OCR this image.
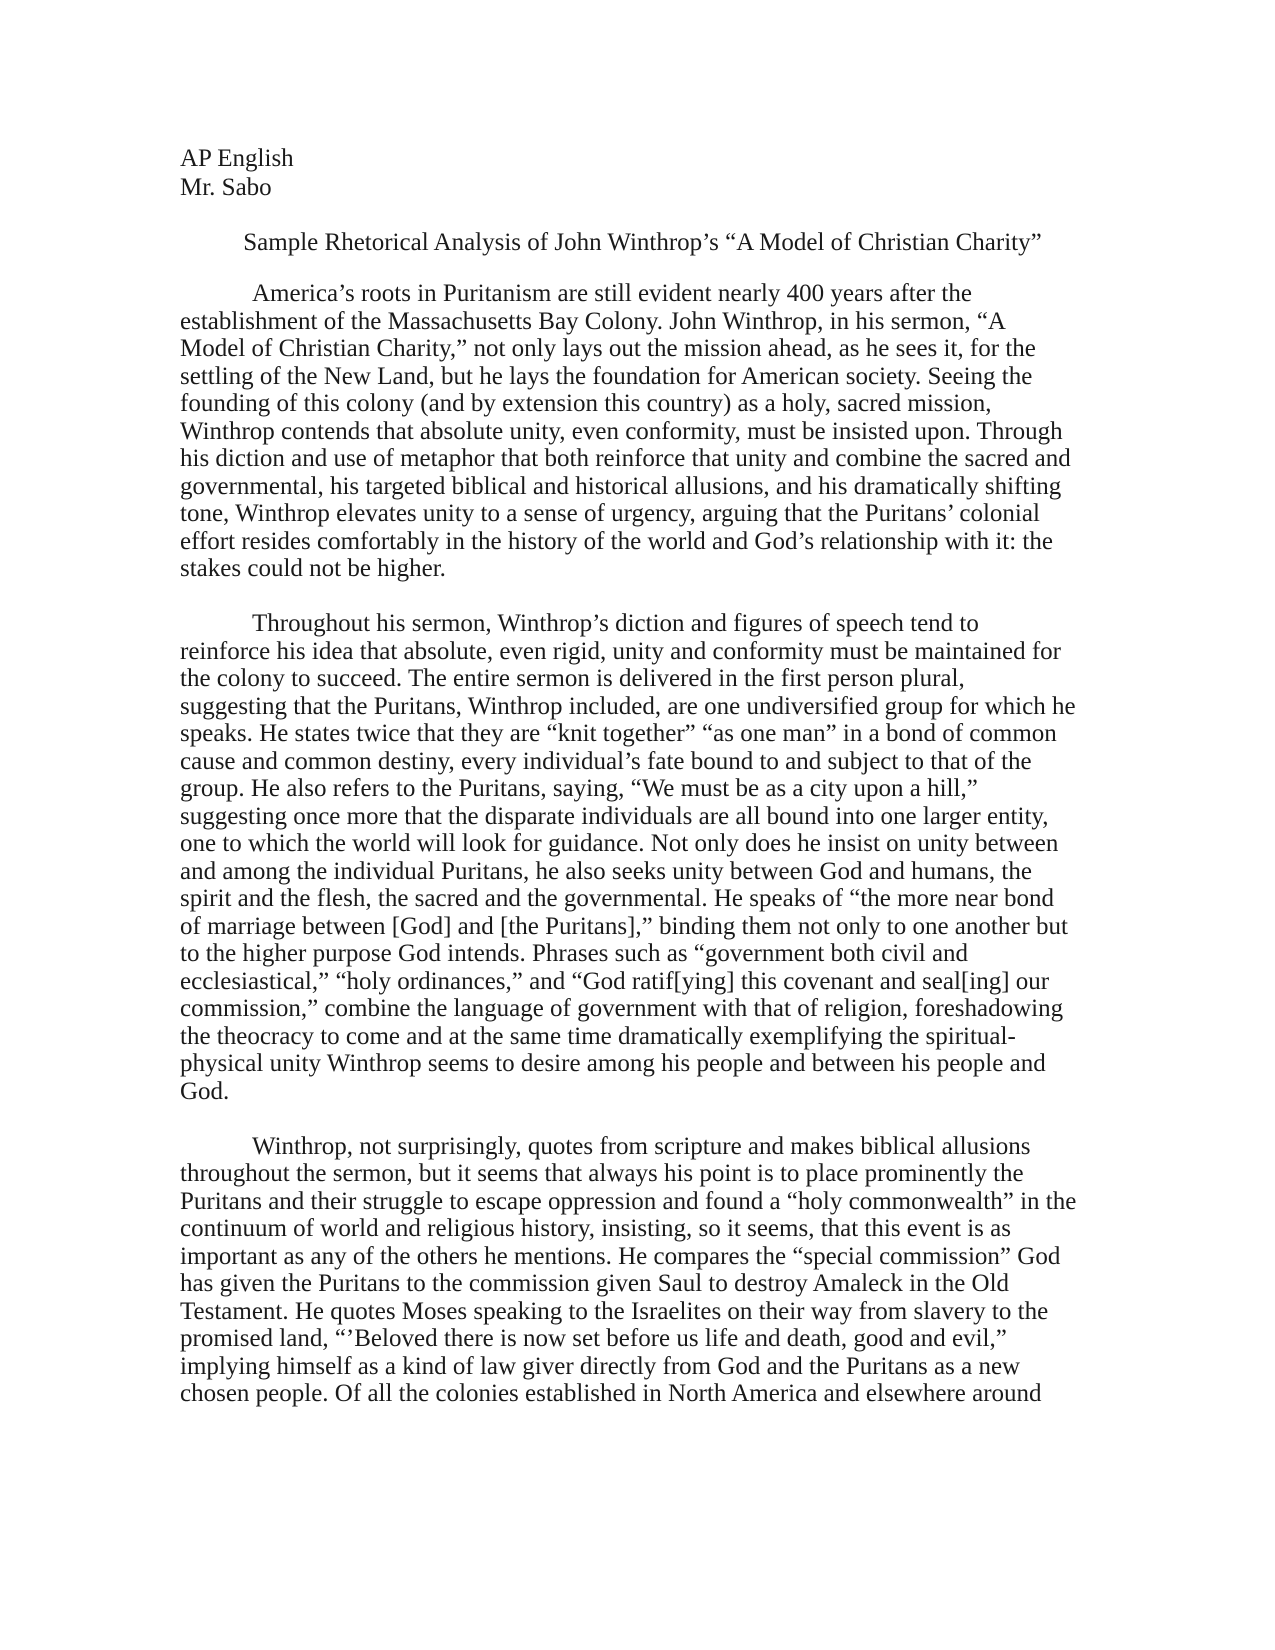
AP English
Mr. Sabo
Sample Rhetorical Analysis of John Winthrop’s “A Model of Christian Charity”
America’s roots in Puritanism are still evident nearly 400 years after the
establishment of the Massachusetts Bay Colony. John Winthrop, in his sermon, “A
Model of Christian Charity,” not only lays out the mission ahead, as he sees it, for the
settling of the New Land, but he lays the foundation for American society. Seeing the
founding of this colony (and by extension this country) as a holy, sacred mission,
Winthrop contends that absolute unity, even conformity, must be insisted upon. Through
his diction and use of metaphor that both reinforce that unity and combine the sacred and
governmental, his targeted biblical and historical allusions, and his dramatically shifting
tone, Winthrop elevates unity to a sense of urgency, arguing that the Puritans’ colonial
effort resides comfortably in the history of the world and God’s relationship with it: the
stakes could not be higher.
Throughout his sermon, Winthrop’s diction and figures of speech tend to
reinforce his idea that absolute, even rigid, unity and conformity must be maintained for
the colony to succeed. The entire sermon is delivered in the first person plural,
suggesting that the Puritans, Winthrop included, are one undiversified group for which he
speaks. He states twice that they are “knit together” “as one man” in a bond of common
cause and common destiny, every individual’s fate bound to and subject to that of the
group. He also refers to the Puritans, saying, “We must be as a city upon a hill,”
suggesting once more that the disparate individuals are all bound into one larger entity,
one to which the world will look for guidance. Not only does he insist on unity between
and among the individual Puritans, he also seeks unity between God and humans, the
spirit and the flesh, the sacred and the governmental. He speaks of “the more near bond
of marriage between [God] and [the Puritans],” binding them not only to one another but
to the higher purpose God intends. Phrases such as “government both civil and
ecclesiastical,” “holy ordinances,” and “God ratif[ying] this covenant and seal[ing] our
commission,” combine the language of government with that of religion, foreshadowing
the theocracy to come and at the same time dramatically exemplifying the spiritual-
physical unity Winthrop seems to desire among his people and between his people and
God.
Winthrop, not surprisingly, quotes from scripture and makes biblical allusions
throughout the sermon, but it seems that always his point is to place prominently the
Puritans and their struggle to escape oppression and found a “holy commonwealth” in the
continuum of world and religious history, insisting, so it seems, that this event is as
important as any of the others he mentions. He compares the “special commission” God
has given the Puritans to the commission given Saul to destroy Amaleck in the Old
Testament. He quotes Moses speaking to the Israelites on their way from slavery to the
promised land, “’Beloved there is now set before us life and death, good and evil,”
implying himself as a kind of law giver directly from God and the Puritans as a new
chosen people. Of all the colonies established in North America and elsewhere around
